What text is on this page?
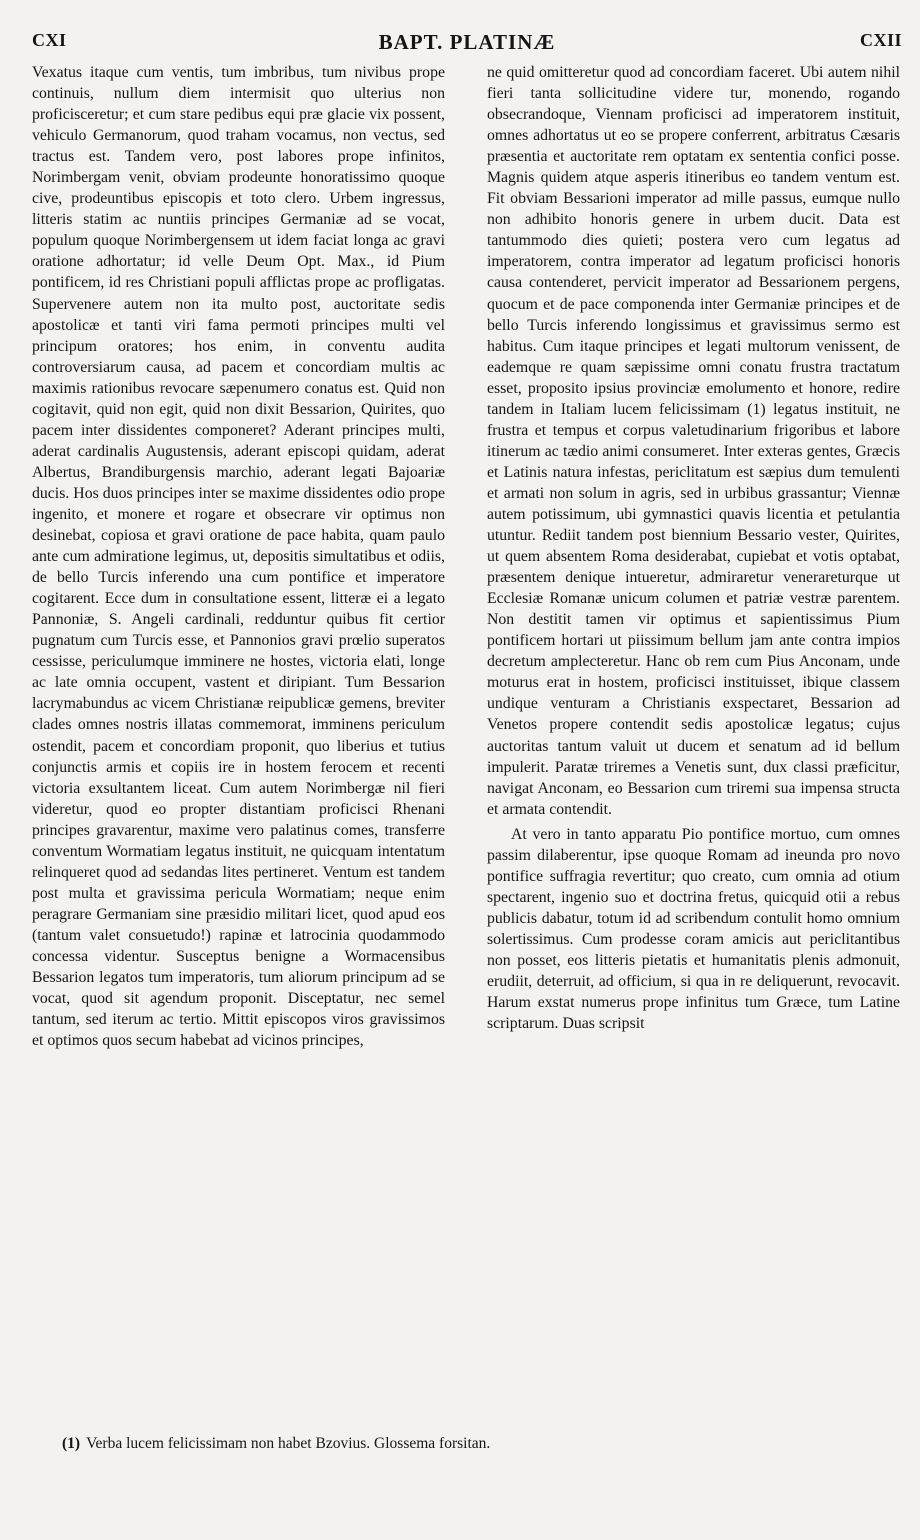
CXI	BAPT. PLATINÆ	CXII

Vexatus itaque cum ventis, tum imbribus, tum nivibus prope continuis, nullum diem intermisit quo ulterius non proficisceretur; et cum stare pedibus equi præ glacie vix possent, vehiculo Germanorum, quod traham vocamus, non vectus, sed tractus est. Tandem vero, post labores prope infinitos, Norimbergam venit, obviam prodeunte honoratissimo quoque cive, prodeuntibus episcopis et toto clero. Urbem ingressus, litteris statim ac nuntiis principes Germaniæ ad se vocat, populum quoque Norimbergensem ut idem faciat longa ac gravi oratione adhortatur; id velle Deum Opt. Max., id Pium pontificem, id res Christiani populi afflictas prope ac profligatas. Supervenere autem non ita multo post, auctoritate sedis apostolicæ et tanti viri fama permoti principes multi vel principum oratores; hos enim, in conventu audita controversiarum causa, ad pacem et concordiam multis ac maximis rationibus revocare sæpenumero conatus est. Quid non cogitavit, quid non egit, quid non dixit Bessarion, Quirites, quo pacem inter dissidentes componeret? Aderant principes multi, aderat cardinalis Augustensis, aderant episcopi quidam, aderat Albertus, Brandiburgensis marchio, aderant legati Bajoariæ ducis. Hos duos principes inter se maxime dissidentes odio prope ingenito, et monere et rogare et obsecrare vir optimus non desinebat, copiosa et gravi oratione de pace habita, quam paulo ante cum admiratione legimus, ut, depositis simultatibus et odiis, de bello Turcis inferendo una cum pontifice et imperatore cogitarent. Ecce dum in consultatione essent, litteræ ei a legato Pannoniæ, S. Angeli cardinali, redduntur quibus fit certior pugnatum cum Turcis esse, et Pannonios gravi prœlio superatos cessisse, periculumque imminere ne hostes, victoria elati, longe ac late omnia occupent, vastent et diripiant. Tum Bessarion lacrymabundus ac vicem Christianæ reipublicæ gemens, breviter clades omnes nostris illatas commemorat, imminens periculum ostendit, pacem et concordiam proponit, quo liberius et tutius conjunctis armis et copiis ire in hostem ferocem et recenti victoria exsultantem liceat. Cum autem Norimbergæ nil fieri videretur, quod eo propter distantiam proficisci Rhenani principes gravarentur, maxime vero palatinus comes, transferre conventum Wormatiam legatus instituit, ne quicquam intentatum relinqueret quod ad sedandas lites pertineret. Ventum est tandem post multa et gravissima pericula Wormatiam; neque enim peragrare Germaniam sine præsidio militari licet, quod apud eos (tantum valet consuetudo!) rapinæ et latrocinia quodammodo concessa videntur. Susceptus benigne a Wormacensibus Bessarion legatos tum imperatoris, tum aliorum principum ad se vocat, quod sit agendum proponit. Disceptatur, nec semel tantum, sed iterum ac tertio. Mittit episcopos viros gravissimos et optimos quos secum habebat ad vicinos principes,

ne quid omitteretur quod ad concordiam faceret. Ubi autem nihil fieri tanta sollicitudine videre tur, monendo, rogando obsecrandoque, Viennam proficisci ad imperatorem instituit, omnes adhortatus ut eo se propere conferrent, arbitratus Cæsaris præsentia et auctoritate rem optatam ex sententia confici posse. Magnis quidem atque asperis itineribus eo tandem ventum est. Fit obviam Bessarioni imperator ad mille passus, eumque nullo non adhibito honoris genere in urbem ducit. Data est tantummodo dies quieti; postera vero cum legatus ad imperatorem, contra imperator ad legatum proficisci honoris causa contenderet, pervicit imperator ad Bessarionem pergens, quocum et de pace componenda inter Germaniæ principes et de bello Turcis inferendo longissimus et gravissimus sermo est habitus. Cum itaque principes et legati multorum venissent, de eademque re quam sæpissime omni conatu frustra tractatum esset, proposito ipsius provinciæ emolumento et honore, redire tandem in Italiam lucem felicissimam (1) legatus instituit, ne frustra et tempus et corpus valetudinarium frigoribus et labore itinerum ac tædio animi consumeret. Inter exteras gentes, Græcis et Latinis natura infestas, periclitatum est sæpius dum temulenti et armati non solum in agris, sed in urbibus grassantur; Viennæ autem potissimum, ubi gymnastici quavis licentia et petulantia utuntur. Rediit tandem post biennium Bessario vester, Quirites, ut quem absentem Roma desiderabat, cupiebat et votis optabat, præsentem denique intueretur, admiraretur venerareturque ut Ecclesiæ Romanæ unicum columen et patriæ vestræ parentem. Non destitit tamen vir optimus et sapientissimus Pium pontificem hortari ut piissimum bellum jam ante contra impios decretum amplecteretur. Hanc ob rem cum Pius Anconam, unde moturus erat in hostem, proficisci instituisset, ibique classem undique venturam a Christianis exspectaret, Bessarion ad Venetos propere contendit sedis apostolicæ legatus; cujus auctoritas tantum valuit ut ducem et senatum ad id bellum impulerit. Paratæ triremes a Venetis sunt, dux classi præficitur, navigat Anconam, eo Bessarion cum triremi sua impensa structa et armata contendit.

At vero in tanto apparatu Pio pontifice mortuo, cum omnes passim dilaberentur, ipse quoque Romam ad ineunda pro novo pontifice suffragia revertitur; quo creato, cum omnia ad otium spectarent, ingenio suo et doctrina fretus, quicquid otii a rebus publicis dabatur, totum id ad scribendum contulit homo omnium solertissimus. Cum prodesse coram amicis aut periclitantibus non posset, eos litteris pietatis et humanitatis plenis admonuit, erudiit, deterruit, ad officium, si qua in re deliquerunt, revocavit. Harum exstat numerus prope infinitus tum Græce, tum Latine scriptarum. Duas scripsit

(1) Verba lucem felicissimam non habet Bzovius. Glossema forsitan.
